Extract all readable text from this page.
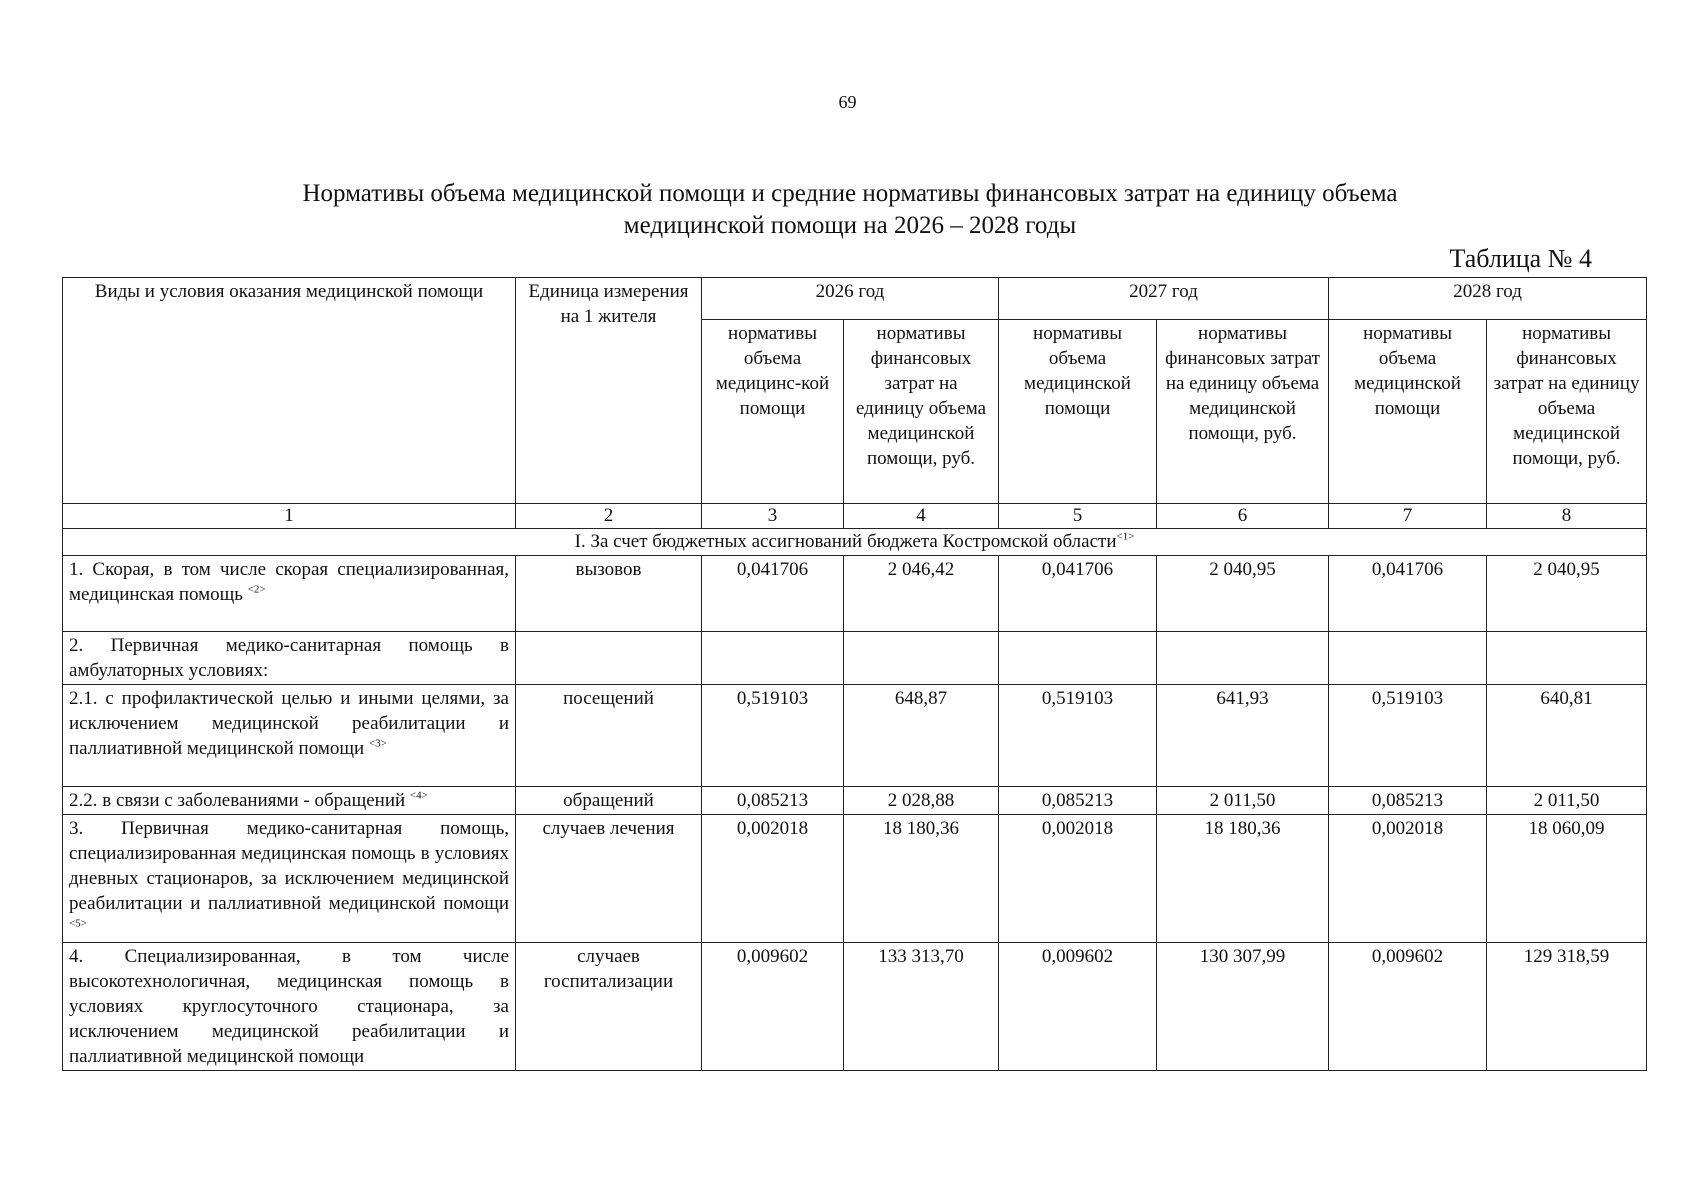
69
Нормативы объема медицинской помощи и средние нормативы финансовых затрат на единицу объема
медицинской помощи на 2026 – 2028 годы
Таблица № 4
Виды и условия оказания медицинской помощи	Единица измерения на 1 жителя	2026 год		2027 год		2028 год	
		нормативы объема медицинс-кой помощи	нормативы финансовых затрат на единицу объема медицинской помощи, руб.	нормативы объема медицинской помощи	нормативы финансовых затрат на единицу объема медицинской помощи, руб.	нормативы объема медицинской помощи	нормативы финансовых затрат на единицу объема медицинской помощи, руб.
1	2	3	4	5	6	7	8
I. За счет бюджетных ассигнований бюджета Костромской области$^{<1>}$
1. Скорая, в том числе скорая специализированная, медицинская помощь $^{<2>}$	вызовов	0,041706	2 046,42	0,041706	2 040,95	0,041706	2 040,95
2. Первичная медико-санитарная помощь в амбулаторных условиях:							
2.1. с профилактической целью и иными целями, за исключением медицинской реабилитации и паллиативной медицинской помощи $^{<3>}$	посещений	0,519103	648,87	0,519103	641,93	0,519103	640,81
2.2. в связи с заболеваниями - обращений $^{<4>}$	обращений	0,085213	2 028,88	0,085213	2 011,50	0,085213	2 011,50
3. Первичная медико-санитарная помощь, специализированная медицинская помощь в условиях дневных стационаров, за исключением медицинской реабилитации и паллиативной медицинской помощи $^{<5>}$	случаев лечения	0,002018	18 180,36	0,002018	18 180,36	0,002018	18 060,09
4. Специализированная, в том числе высокотехнологичная, медицинская помощь в условиях круглосуточного стационара, за исключением медицинской реабилитации и паллиативной медицинской помощи	случаев госпитализации	0,009602	133 313,70	0,009602	130 307,99	0,009602	129 318,59
